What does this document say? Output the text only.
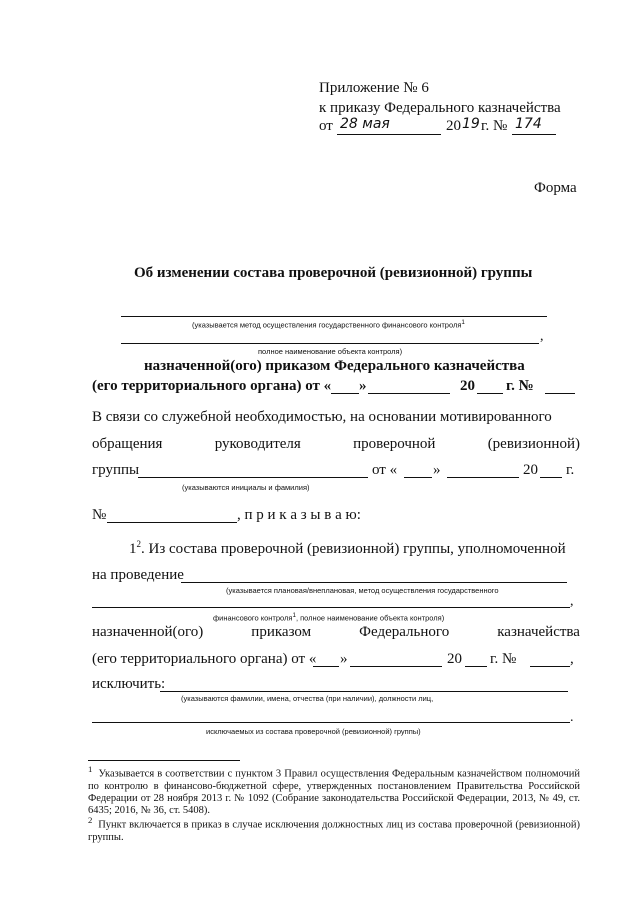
Приложение № 6
к приказу Федерального казначейства
от 28 мая	20 19 г. № 174
Форма
Об изменении состава проверочной (ревизионной) группы
(указывается метод осуществления государственного финансового контроля$^1$
,
полное наименование объекта контроля)
назначенной(ого) приказом Федерального казначейства
(его территориального органа) от « »	20 г. №
В связи со служебной необходимостью, на основании мотивированного
обращения	руководителя	проверочной	(ревизионной)
группы	от « »	20 г.
(указываются инициалы и фамилия)
№	, п р и к а з ы в а ю:
$1^2$. Из состава проверочной (ревизионной) группы, уполномоченной
на проведение
(указывается плановая/внеплановая, метод осуществления государственного
,
финансового контроля$^1$, полное наименование объекта контроля)
назначенной(ого)	приказом	Федерального	казначейства
(его территориального органа) от « »	20 г. №	,
исключить:
(указываются фамилии, имена, отчества (при наличии), должности лиц,
.
исключаемых из состава проверочной (ревизионной) группы)
$^1$ Указывается в соответствии с пунктом 3 Правил осуществления Федеральным казначейством полномочий по контролю в финансово-бюджетной сфере, утвержденных постановлением Правительства Российской Федерации от 28 ноября 2013 г. № 1092 (Собрание законодательства Российской Федерации, 2013, № 49, ст. 6435; 2016, № 36, ст. 5408).
$^2$ Пункт включается в приказ в случае исключения должностных лиц из состава проверочной (ревизионной) группы.
